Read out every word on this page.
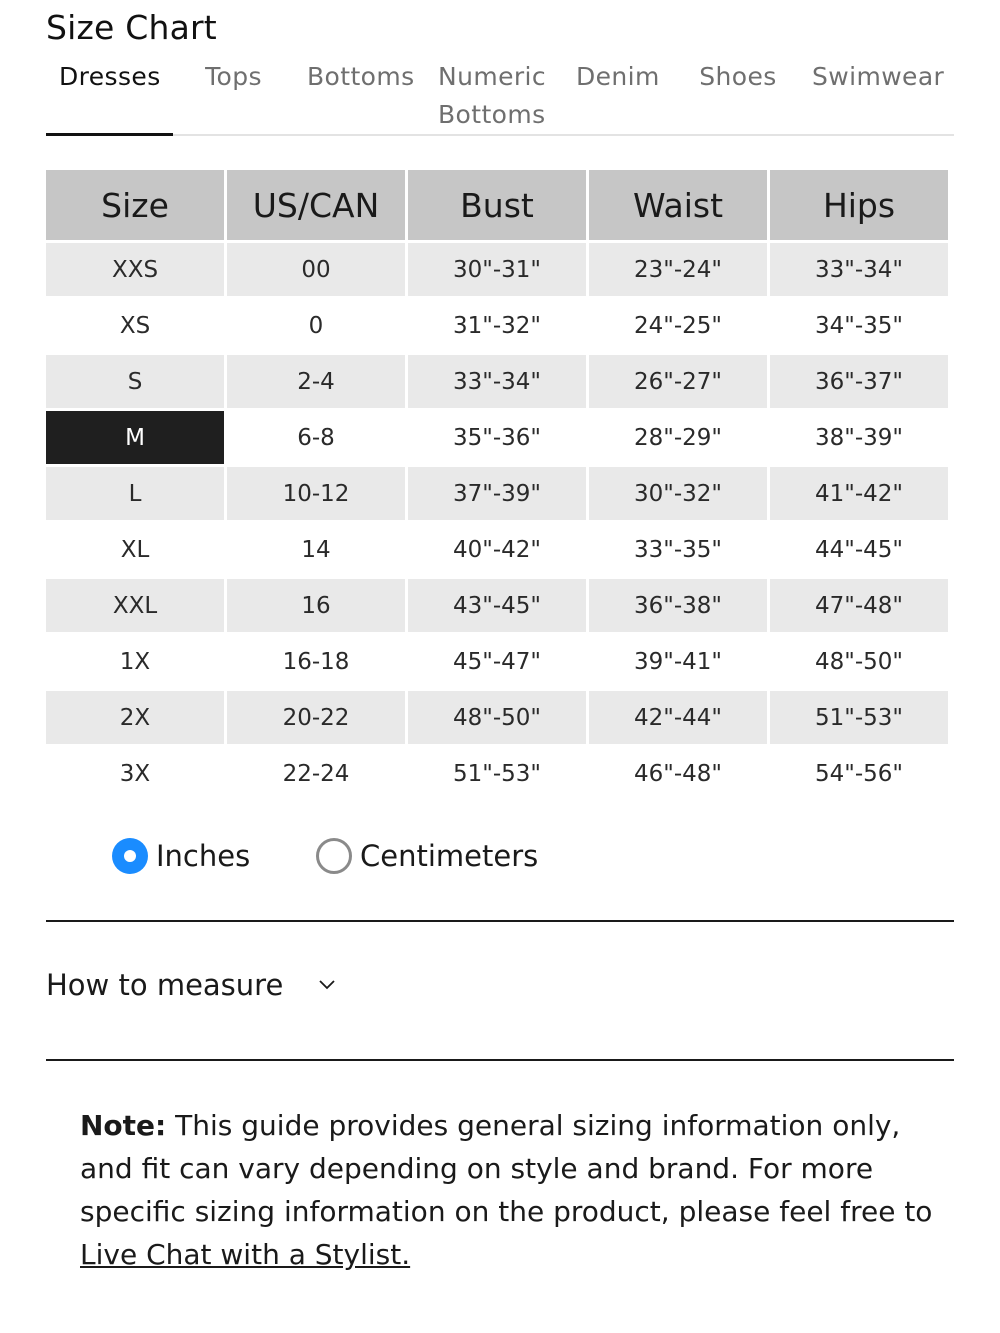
Size Chart
Dresses Tops Bottoms Numeric
Bottoms
Denim Shoes Swimwear
Size	US/CAN	Bust	Waist	Hips
XXS	00	30"-31"	23"-24"	33"-34"
XS	0	31"-32"	24"-25"	34"-35"
S	2-4	33"-34"	26"-27"	36"-37"
M	6-8	35"-36"	28"-29"	38"-39"
L	10-12	37"-39"	30"-32"	41"-42"
XL	14	40"-42"	33"-35"	44"-45"
XXL	16	43"-45"	36"-38"	47"-48"
1X	16-18	45"-47"	39"-41"	48"-50"
2X	20-22	48"-50"	42"-44"	51"-53"
3X	22-24	51"-53"	46"-48"	54"-56"
Inches	Centimeters
How to measure
Note: This guide provides general sizing information only, and fit can vary depending on style and brand. For more specific sizing information on the product, please feel free to Live Chat with a Stylist.
